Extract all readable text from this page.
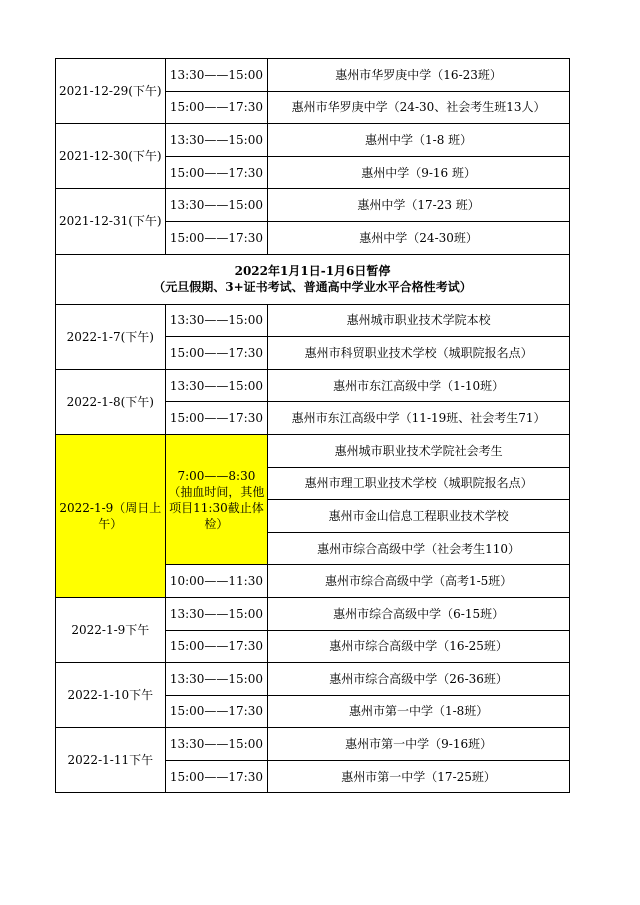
2021-12-29(下午)	13:30——15:00	惠州市华罗庚中学（16-23班）
	15:00——17:30	惠州市华罗庚中学（24-30、社会考生班13人）
2021-12-30(下午)	13:30——15:00	惠州中学（1-8 班）
	15:00——17:30	惠州中学（9-16 班）
2021-12-31(下午)	13:30——15:00	惠州中学（17-23 班）
	15:00——17:30	惠州中学（24-30班）

2022年1月1日-1月6日暂停
（元旦假期、3+证书考试、普通高中学业水平合格性考试）		

2022-1-7(下午)	13:30——15:00	惠州城市职业技术学院本校
	15:00——17:30	惠州市科贸职业技术学校（城职院报名点）
2022-1-8(下午)	13:30——15:00	惠州市东江高级中学（1-10班）
	15:00——17:30	惠州市东江高级中学（11-19班、社会考生71）
2022-1-9（周日上午）	7:00——8:30（抽血时间，其他项目11:30截止体检）	惠州城市职业技术学院社会考生
		惠州市理工职业技术学校（城职院报名点）
		惠州市金山信息工程职业技术学校
		惠州市综合高级中学（社会考生110）
	10:00——11:30	惠州市综合高级中学（高考1-5班）
2022-1-9下午	13:30——15:00	惠州市综合高级中学（6-15班）
	15:00——17:30	惠州市综合高级中学（16-25班）
2022-1-10下午	13:30——15:00	惠州市综合高级中学（26-36班）
	15:00——17:30	惠州市第一中学（1-8班）
2022-1-11下午	13:30——15:00	惠州市第一中学（9-16班）
	15:00——17:30	惠州市第一中学（17-25班）
